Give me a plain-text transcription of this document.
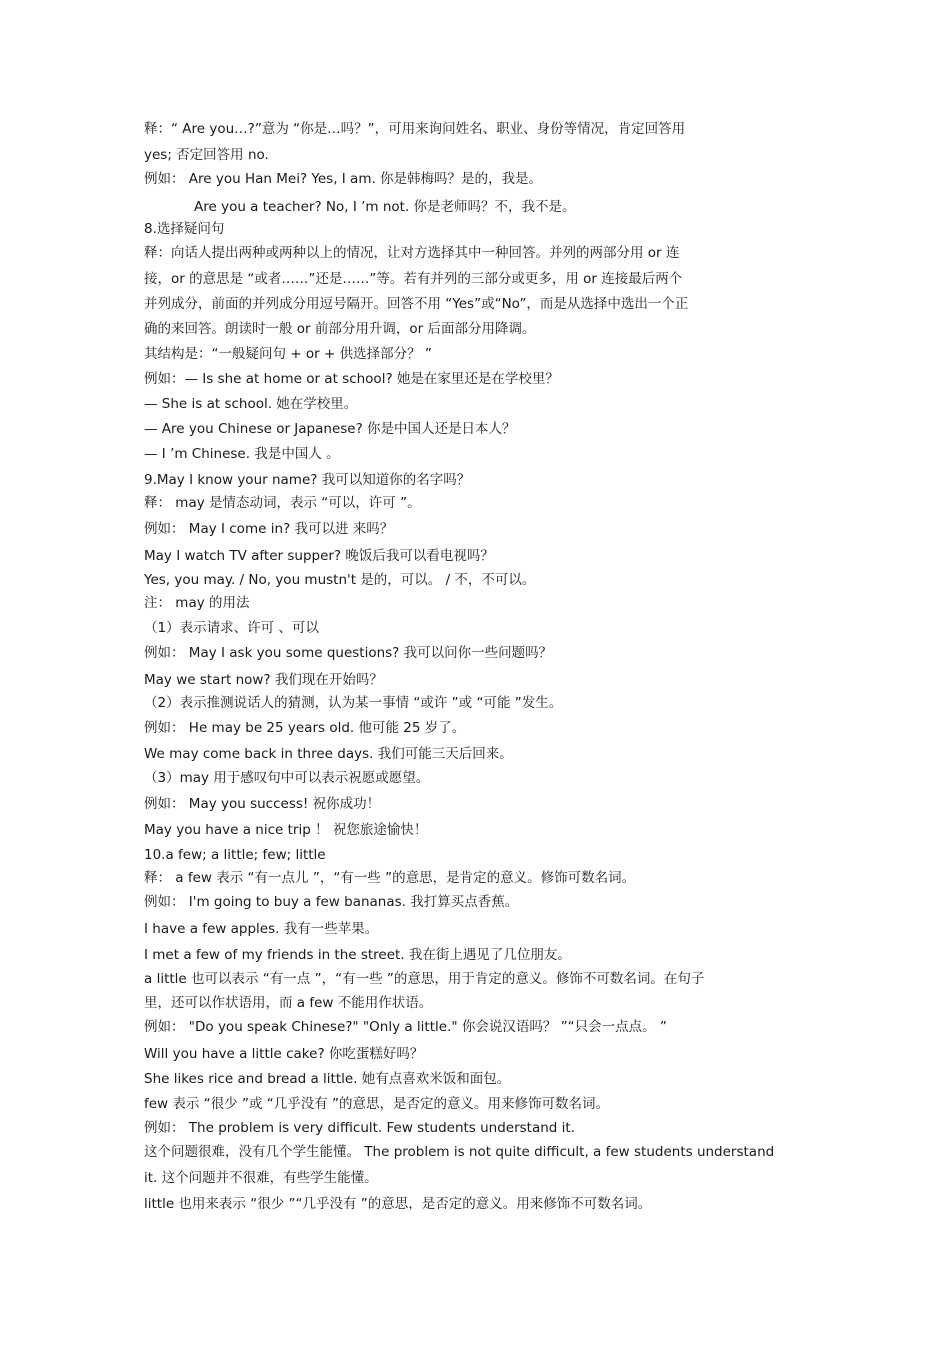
释：“ Are you…?”意为 “你是…吗？”，可用来询问姓名、职业、身份等情况，肯定回答用
yes; 否定回答用 no.
例如： Are you Han Mei? Yes, I am. 你是韩梅吗？是的，我是。
Are you a teacher? No, I ’m not. 你是老师吗？不，我不是。
8.选择疑问句
释：向话人提出两种或两种以上的情况，让对方选择其中一种回答。并列的两部分用 or 连
接，or 的意思是 “或者……”还是……”等。若有并列的三部分或更多，用 or 连接最后两个
并列成分，前面的并列成分用逗号隔开。回答不用 “Yes”或“No”，而是从选择中选出一个正
确的来回答。朗读时一般 or 前部分用升调，or 后面部分用降调。
其结构是：“一般疑问句 + or + 供选择部分？ ”
例如：— Is she at home or at school? 她是在家里还是在学校里？
— She is at school. 她在学校里。
— Are you Chinese or Japanese? 你是中国人还是日本人？
— I ’m Chinese. 我是中国人 。
9.May I know your name? 我可以知道你的名字吗？
释： may 是情态动词，表示 “可以，许可 ”。
例如： May I come in? 我可以进 来吗？
May I watch TV after supper? 晚饭后我可以看电视吗？
Yes, you may. / No, you mustn't 是的，可以。 / 不，不可以。
注： may 的用法
（1）表示请求、许可 、可以
例如： May I ask you some questions? 我可以问你一些问题吗？
May we start now? 我们现在开始吗？
（2）表示推测说话人的猜测，认为某一事情 “或许 ”或 “可能 ”发生。
例如： He may be 25 years old. 他可能 25 岁了。
We may come back in three days. 我们可能三天后回来。
（3）may 用于感叹句中可以表示祝愿或愿望。
例如： May you success! 祝你成功！
May you have a nice trip ！ 祝您旅途愉快！
10.a few; a little; few; little
释： a few 表示 “有一点儿 ”，“有一些 ”的意思，是肯定的意义。修饰可数名词。
例如： I'm going to buy a few bananas. 我打算买点香蕉。
I have a few apples. 我有一些苹果。
I met a few of my friends in the street. 我在街上遇见了几位朋友。
a little 也可以表示 “有一点 ”，“有一些 ”的意思，用于肯定的意义。修饰不可数名词。在句子
里，还可以作状语用，而 a few 不能用作状语。
例如： "Do you speak Chinese?" "Only a little." 你会说汉语吗？ ”“只会一点点。 ”
Will you have a little cake? 你吃蛋糕好吗？
She likes rice and bread a little. 她有点喜欢米饭和面包。
few 表示 “很少 ”或 “几乎没有 ”的意思，是否定的意义。用来修饰可数名词。
例如： The problem is very difficult. Few students understand it.
这个问题很难，没有几个学生能懂。 The problem is not quite difficult, a few students understand
it. 这个问题并不很难，有些学生能懂。
little 也用来表示 “很少 ”“几乎没有 ”的意思，是否定的意义。用来修饰不可数名词。
